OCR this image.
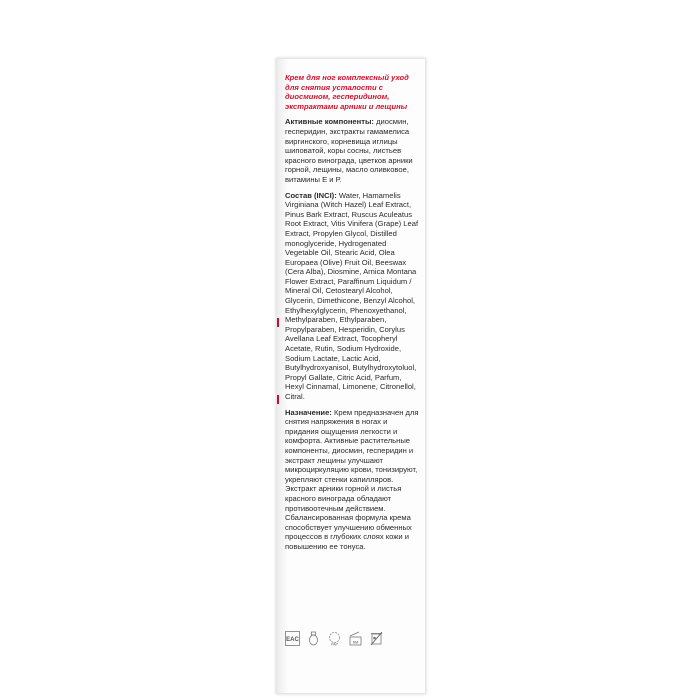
Крем для ног комплексный уход для снятия усталости с диосмином, гесперидином, экстрактами арники и лещины

Активные компоненты: диосмин, гесперидин, экстракты гамамелиса виргинского, корневища иглицы шиповатой, коры сосны, листьев красного винограда, цветков арники горной, лещины, масло оливковое, витамины Е и Р.

Состав (INCI): Water, Hamamelis Virginiana (Witch Hazel) Leaf Extract, Pinus Bark Extract, Ruscus Aculeatus Root Extract, Vitis Vinifera (Grape) Leaf Extract, Propylen Glycol, Distilled monoglyceride, Hydrogenated Vegetable Oil, Stearic Acid, Olea Europaea (Olive) Fruit Oil, Beeswax (Cera Alba), Diosmine, Arnica Montana Flower Extract, Paraffinum Liquidum / Mineral Oil, Cetostearyl Alcohol, Glycerin, Dimethicone, Benzyl Alcohol, Ethylhexylglycerin, Phenoxyethanol, Methylparaben, Ethylparaben, Propylparaben, Hesperidin, Corylus Avellana Leaf Extract, Tocopheryl Acetate, Rutin, Sodium Hydroxide, Sodium Lactate, Lactic Acid, Butylhydroxyanisol, Butylhydroxytoluol, Propyl Gallate, Citric Acid, Parfum, Hexyl Cinnamal, Limonene, Citronellol, Citral.

Назначение: Крем предназначен для снятия напряжения в ногах и придания ощущения легкости и комфорта. Активные растительные компоненты, диосмин, гесперидин и экстракт лещины улучшают микроциркуляцию крови, тонизируют, укрепляют стенки капилляров. Экстракт арники горной и листья красного винограда обладают противоотечным действием. Сбалансированная формула крема способствует улучшению обменных процессов в глубоких слоях кожи и повышению ее тонуса.

EAC
PAP	6M
